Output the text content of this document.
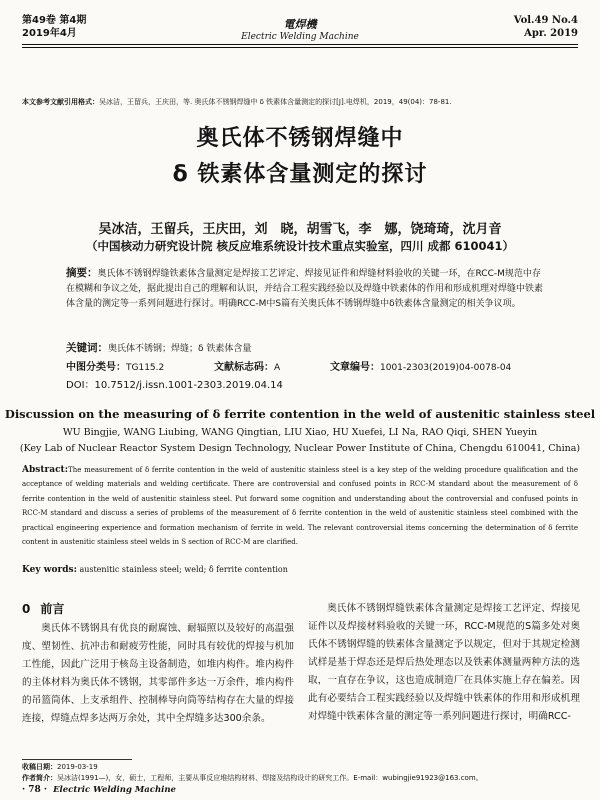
第49卷 第4期
2019年4月
電焊機
Electric Welding Machine
Vol.49 No.4
Apr. 2019
本文参考文献引用格式：吴冰洁，王留兵，王庆田，等. 奥氏体不锈钢焊缝中 δ 铁素体含量测定的探讨[J].电焊机，2019，49(04)：78-81.
奥氏体不锈钢焊缝中
δ 铁素体含量测定的探讨
吴冰洁，王留兵，王庆田，刘　晓，胡雪飞，李　娜，饶琦琦，沈月音
（中国核动力研究设计院 核反应堆系统设计技术重点实验室，四川 成都 610041）
摘要：奥氏体不锈钢焊缝铁素体含量测定是焊接工艺评定、焊接见证件和焊缝材料验收的关键一环，在RCC-M规范中存在模糊和争议之处，据此提出自己的理解和认识，并结合工程实践经验以及焊缝中铁素体的作用和形成机理对焊缝中铁素体含量的测定等一系列问题进行探讨。明确RCC-M中S篇有关奥氏体不锈钢焊缝中δ铁素体含量测定的相关争议项。
关键词：奥氏体不锈钢；焊缝；δ 铁素体含量
中图分类号：TG115.2	文献标志码：A	文章编号：1001-2303(2019)04-0078-04
DOI：10.7512/j.issn.1001-2303.2019.04.14
Discussion on the measuring of δ ferrite contention in the weld of austenitic stainless steel
WU Bingjie, WANG Liubing, WANG Qingtian, LIU Xiao, HU Xuefei, LI Na, RAO Qiqi, SHEN Yueyin
(Key Lab of Nuclear Reactor System Design Technology, Nuclear Power Institute of China, Chengdu 610041, China)
Abstract:The measurement of δ ferrite contention in the weld of austenitic stainless steel is a key step of the welding procedure qualification and the acceptance of welding materials and welding certificate. There are controversial and confused points in RCC-M standard about the measurement of δ ferrite contention in the weld of austenitic stainless steel. Put forward some cognition and understanding about the controversial and confused points in RCC-M standard and discuss a series of problems of the measurement of δ ferrite contention in the weld of austenitic stainless steel combined with the practical engineering experience and formation mechanism of ferrite in weld. The relevant controversial items concerning the determination of δ ferrite content in austenitic stainless steel welds in S section of RCC-M are clarified.
Key words: austenitic stainless steel; weld; δ ferrite contention
0 前言
奥氏体不锈钢具有优良的耐腐蚀、耐辐照以及较好的高温强度、塑韧性、抗冲击和耐疲劳性能，同时具有较优的焊接与机加工性能，因此广泛用于核岛主设备制造，如堆内构件。堆内构件的主体材料为奥氏体不锈钢，其零部件多达一万余件，堆内构件的吊篮筒体、上支承组件、控制棒导向筒等结构存在大量的焊接连接，焊缝点焊多达两万余处，其中全焊缝多达300余条。
奥氏体不锈钢焊缝铁素体含量测定是焊接工艺评定、焊接见证件以及焊接材料验收的关键一环，RCC-M规范的S篇多处对奥氏体不锈钢焊缝的铁素体含量测定予以规定，但对于其规定检测试样是基于焊态还是焊后热处理态以及铁素体测量两种方法的选取，一直存在争议，这也造成制造厂在具体实施上存在偏差。因此有必要结合工程实践经验以及焊缝中铁素体的作用和形成机理对焊缝中铁素体含量的测定等一系列问题进行探讨，明确RCC-
收稿日期：2019-03-19
作者简介：吴冰洁(1991—)，女，硕士，工程师，主要从事反应堆结构材料、焊接及结构设计的研究工作。E-mail：wubingjie91923@163.com。
· 78 · Electric Welding Machine
